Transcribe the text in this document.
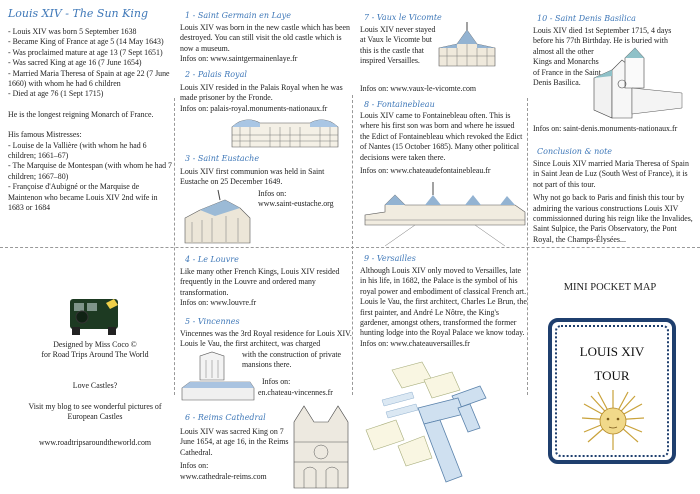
Louis XIV - The Sun King

- Louis XIV was born 5 September 1638

- Became King of France at age 5 (14 May 1643)

- Was proclaimed mature at age 13 (7 Sept 1651)

- Was sacred King at age 16 (7 June 1654)

- Married Maria Theresa of Spain at age 22 (7 June 1660) with whom he had 6 children

- Died at age 76 (1 Sept 1715)

He is the longest reigning Monarch of France.

His famous Mistresses:

- Louise de la Vallière (with whom he had 6 children; 1661–67)

- The Marquise de Montespan (with whom he had 7 children; 1667–80)

- Françoise d'Aubigné or the Marquise de Maintenon who became Louis XIV 2nd wife in 1683 or 1684

1 - Saint Germain en Laye

Louis XIV was born in the new castle which has been destroyed. You can still visit the old castle which is now a museum.

Infos on: www.saintgermainenlaye.fr

2 - Palais Royal

Louis XIV resided in the Palais Royal when he was made prisoner by the Fronde.

Infos on: palais-royal.monuments-nationaux.fr

3 - Saint Eustache
Louis XIV first communion was held in Saint Eustache on 25 December 1649.
Infos on:
www.saint-eustache.org
7 - Vaux le Vicomte
Louis XIV never stayed at Vaux le Vicomte but this is the castle that inspired Versailles.
Infos on: www.vaux-le-vicomte.com
8 - Fontainebleau

Louis XIV came to Fontainebleau often. This is where his first son was born and where he issued the Edict of Fontainebleau which revoked the Edict of Nantes (15 October 1685). Many other political decisions were taken there.

Infos on: www.chateaudefontainebleau.fr

10 - Saint Denis Basilica
Louis XIV died 1st September 1715, 4 days before his 77th Birthday. He is buried with
almost all the other Kings and Monarchs of France in the Saint Denis Basilica.
Infos on: saint-denis.monuments-nationaux.fr
Conclusion & note

Since Louis XIV married Maria Theresa of Spain in Saint Jean de Luz (South West of France), it is not part of this tour.

Why not go back to Paris and finish this tour by admiring the various constructions Louis XIV commissionned during his reign like the Invalides, Saint Sulpice, the Paris Observatory, the Pont Royal, the Champs-Élysées...

Designed by Miss Coco ©

for Road Trips Around The World

Love Castles?
Visit my blog to see wonderful pictures of European Castles
www.roadtripsaroundtheworld.com
4 - Le Louvre

Like many other French Kings, Louis XIV resided frequently in the Louvre and ordered many transformation.

Infos on: www.louvre.fr

5 - Vincennes
Vincennes was the 3rd Royal residence for Louis XIV. Louis le Vau, the first architect, was charged
with the construction of private mansions there.
Infos on:
en.chateau-vincennes.fr
6 - Reims Cathedral

Louis XIV was sacred King on 7 June 1654, at age 16, in the Reims Cathedral.

Infos on:

www.cathedrale-reims.com

9 - Versailles

Although Louis XIV only moved to Versailles, late in his life, in 1682, the Palace is the symbol of his royal power and embodiment of classical French art.

Louis le Vau, the first architect, Charles Le Brun, the first painter, and André Le Nôtre, the King's gardener, amongst others, transformed the former hunting lodge into the Royal Palace we know today.

Infos on: www.chateauversailles.fr

MINI POCKET MAP
LOUIS XIV
TOUR
